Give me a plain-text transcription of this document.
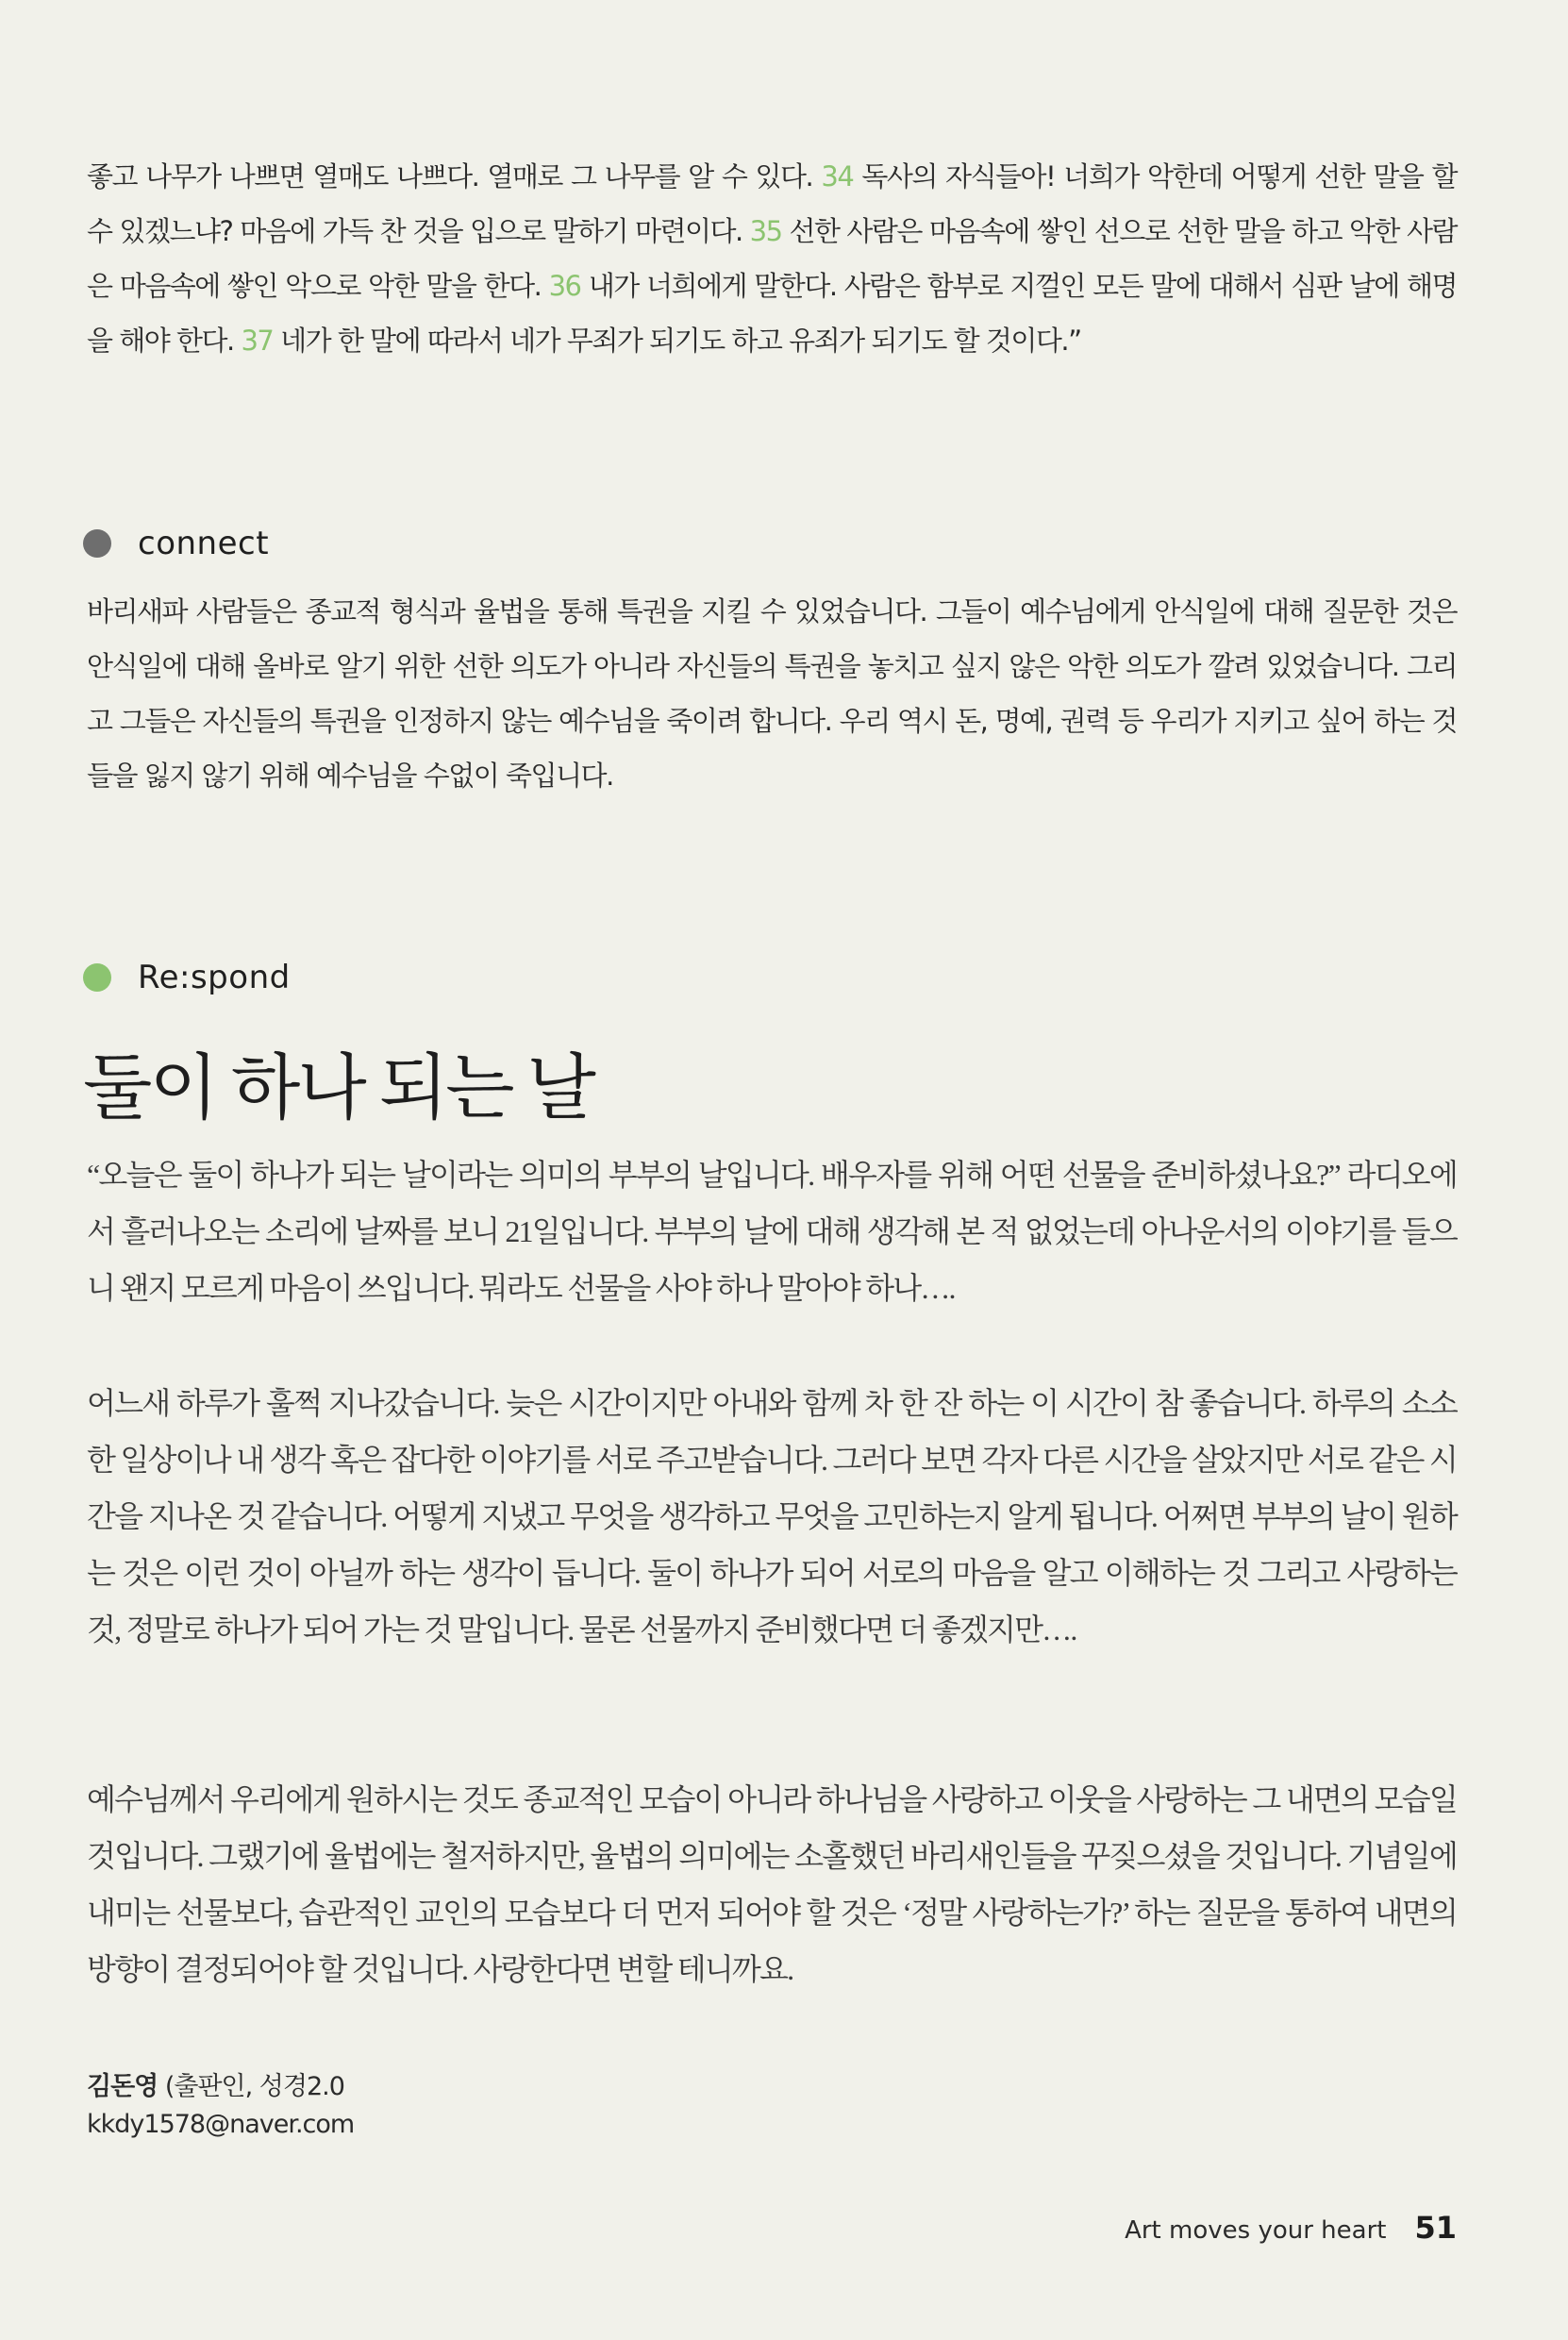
좋고 나무가 나쁘면 열매도 나쁘다. 열매로 그 나무를 알 수 있다. 34 독사의 자식들아! 너희가 악한데 어떻게 선한 말을 할 수 있겠느냐? 마음에 가득 찬 것을 입으로 말하기 마련이다. 35 선한 사람은 마음속에 쌓인 선으로 선한 말을 하고 악한 사람은 마음속에 쌓인 악으로 악한 말을 한다. 36 내가 너희에게 말한다. 사람은 함부로 지껄인 모든 말에 대해서 심판 날에 해명을 해야 한다. 37 네가 한 말에 따라서 네가 무죄가 되기도 하고 유죄가 되기도 할 것이다.”

connect

바리새파 사람들은 종교적 형식과 율법을 통해 특권을 지킬 수 있었습니다. 그들이 예수님에게 안식일에 대해 질문한 것은 안식일에 대해 올바로 알기 위한 선한 의도가 아니라 자신들의 특권을 놓치고 싶지 않은 악한 의도가 깔려 있었습니다. 그리고 그들은 자신들의 특권을 인정하지 않는 예수님을 죽이려 합니다. 우리 역시 돈, 명예, 권력 등 우리가 지키고 싶어 하는 것들을 잃지 않기 위해 예수님을 수없이 죽입니다.

Re:spond
둘이 하나 되는 날

“오늘은 둘이 하나가 되는 날이라는 의미의 부부의 날입니다. 배우자를 위해 어떤 선물을 준비하셨나요?” 라디오에서 흘러나오는 소리에 날짜를 보니 21일입니다. 부부의 날에 대해 생각해 본 적 없었는데 아나운서의 이야기를 들으니 왠지 모르게 마음이 쓰입니다. 뭐라도 선물을 사야 하나 말아야 하나….

어느새 하루가 훌쩍 지나갔습니다. 늦은 시간이지만 아내와 함께 차 한 잔 하는 이 시간이 참 좋습니다. 하루의 소소한 일상이나 내 생각 혹은 잡다한 이야기를 서로 주고받습니다. 그러다 보면 각자 다른 시간을 살았지만 서로 같은 시간을 지나온 것 같습니다. 어떻게 지냈고 무엇을 생각하고 무엇을 고민하는지 알게 됩니다. 어쩌면 부부의 날이 원하는 것은 이런 것이 아닐까 하는 생각이 듭니다. 둘이 하나가 되어 서로의 마음을 알고 이해하는 것 그리고 사랑하는 것, 정말로 하나가 되어 가는 것 말입니다. 물론 선물까지 준비했다면 더 좋겠지만….

예수님께서 우리에게 원하시는 것도 종교적인 모습이 아니라 하나님을 사랑하고 이웃을 사랑하는 그 내면의 모습일 것입니다. 그랬기에 율법에는 철저하지만, 율법의 의미에는 소홀했던 바리새인들을 꾸짖으셨을 것입니다. 기념일에 내미는 선물보다, 습관적인 교인의 모습보다 더 먼저 되어야 할 것은 ‘정말 사랑하는가?’ 하는 질문을 통하여 내면의 방향이 결정되어야 할 것입니다. 사랑한다면 변할 테니까요.

김돈영 (출판인, 성경2.0
kkdy1578@naver.com
Art moves your heart 51
